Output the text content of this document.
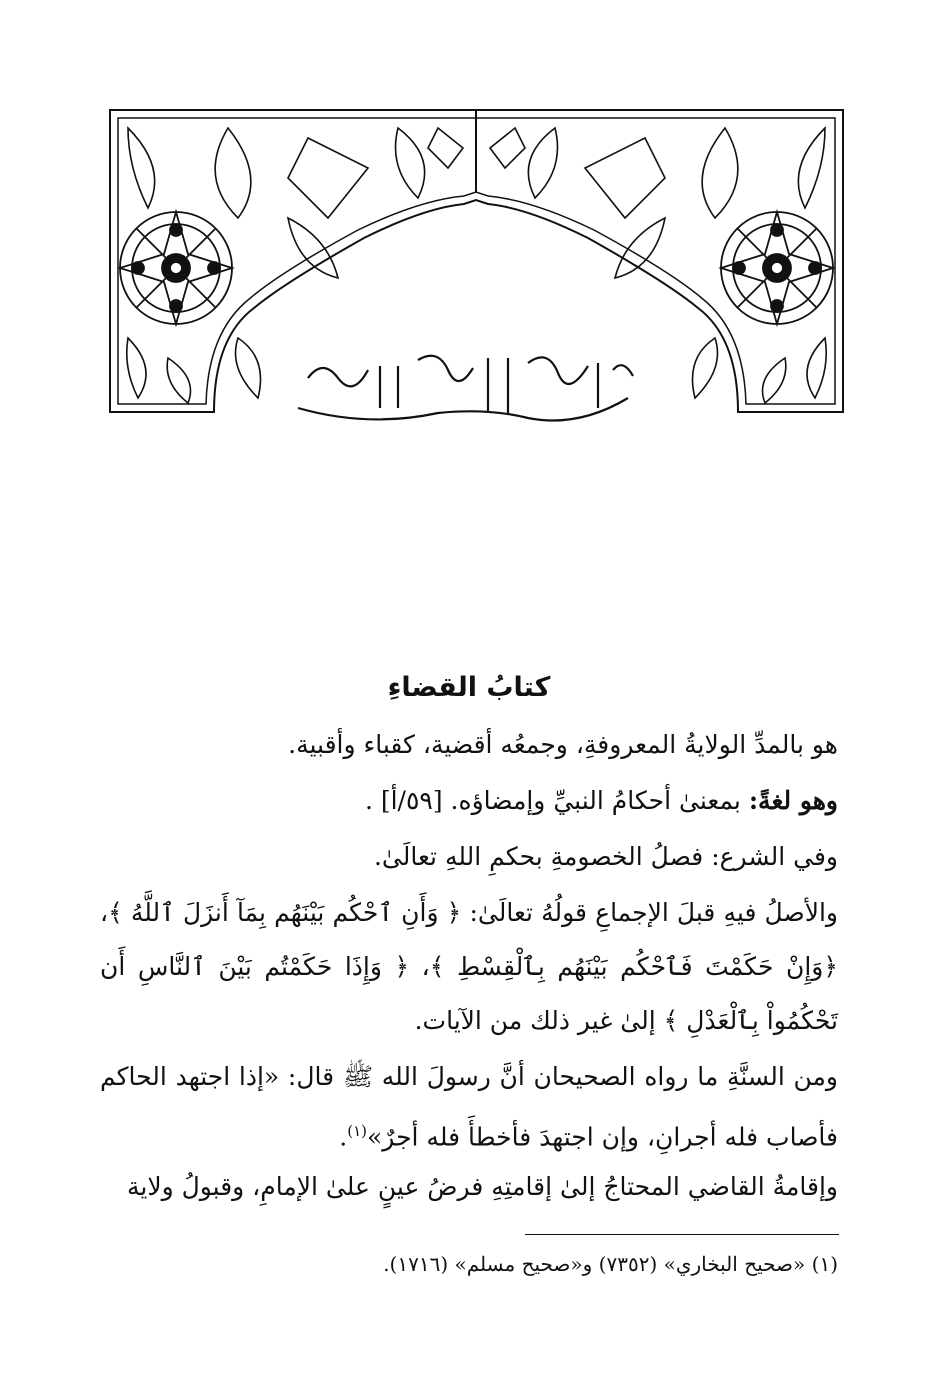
كتابُ القضاءِ

هو بالمدِّ الولايةُ المعروفةِ، وجمعُه أقضية، كقباء وأقبية.

وهو لغةً: بمعنىٰ أحكامُ النبيِّ وإمضاؤه. [٥٩/أ] .

وفي الشرع: فصلُ الخصومةِ بحكمِ اللهِ تعالَىٰ.

والأصلُ فيهِ قبلَ الإجماعِ قولُهُ تعالَىٰ: ﴿ وَأَنِ ٱحْكُم بَيْنَهُم بِمَآ أَنزَلَ ٱللَّهُ ﴾، ﴿وَإِنْ حَكَمْتَ فَٱحْكُم بَيْنَهُم بِٱلْقِسْطِ ﴾، ﴿ وَإِذَا حَكَمْتُم بَيْنَ ٱلنَّاسِ أَن تَحْكُمُواْ بِٱلْعَدْلِ ﴾ إلىٰ غير ذلك من الآيات.

ومن السنَّةِ ما رواه الصحيحان أنَّ رسولَ الله ﷺ قال: «إذا اجتهد الحاكم فأصاب فله أجرانِ، وإن اجتهدَ فأخطأَ فله أجرٌ»$^{(١)}$.

وإقامةُ القاضي المحتاجُ إلىٰ إقامتِهِ فرضُ عينٍ علىٰ الإمامِ، وقبولُ ولاية

(١) «صحيح البخاري» (٧٣٥٢) و«صحيح مسلم» (١٧١٦).
